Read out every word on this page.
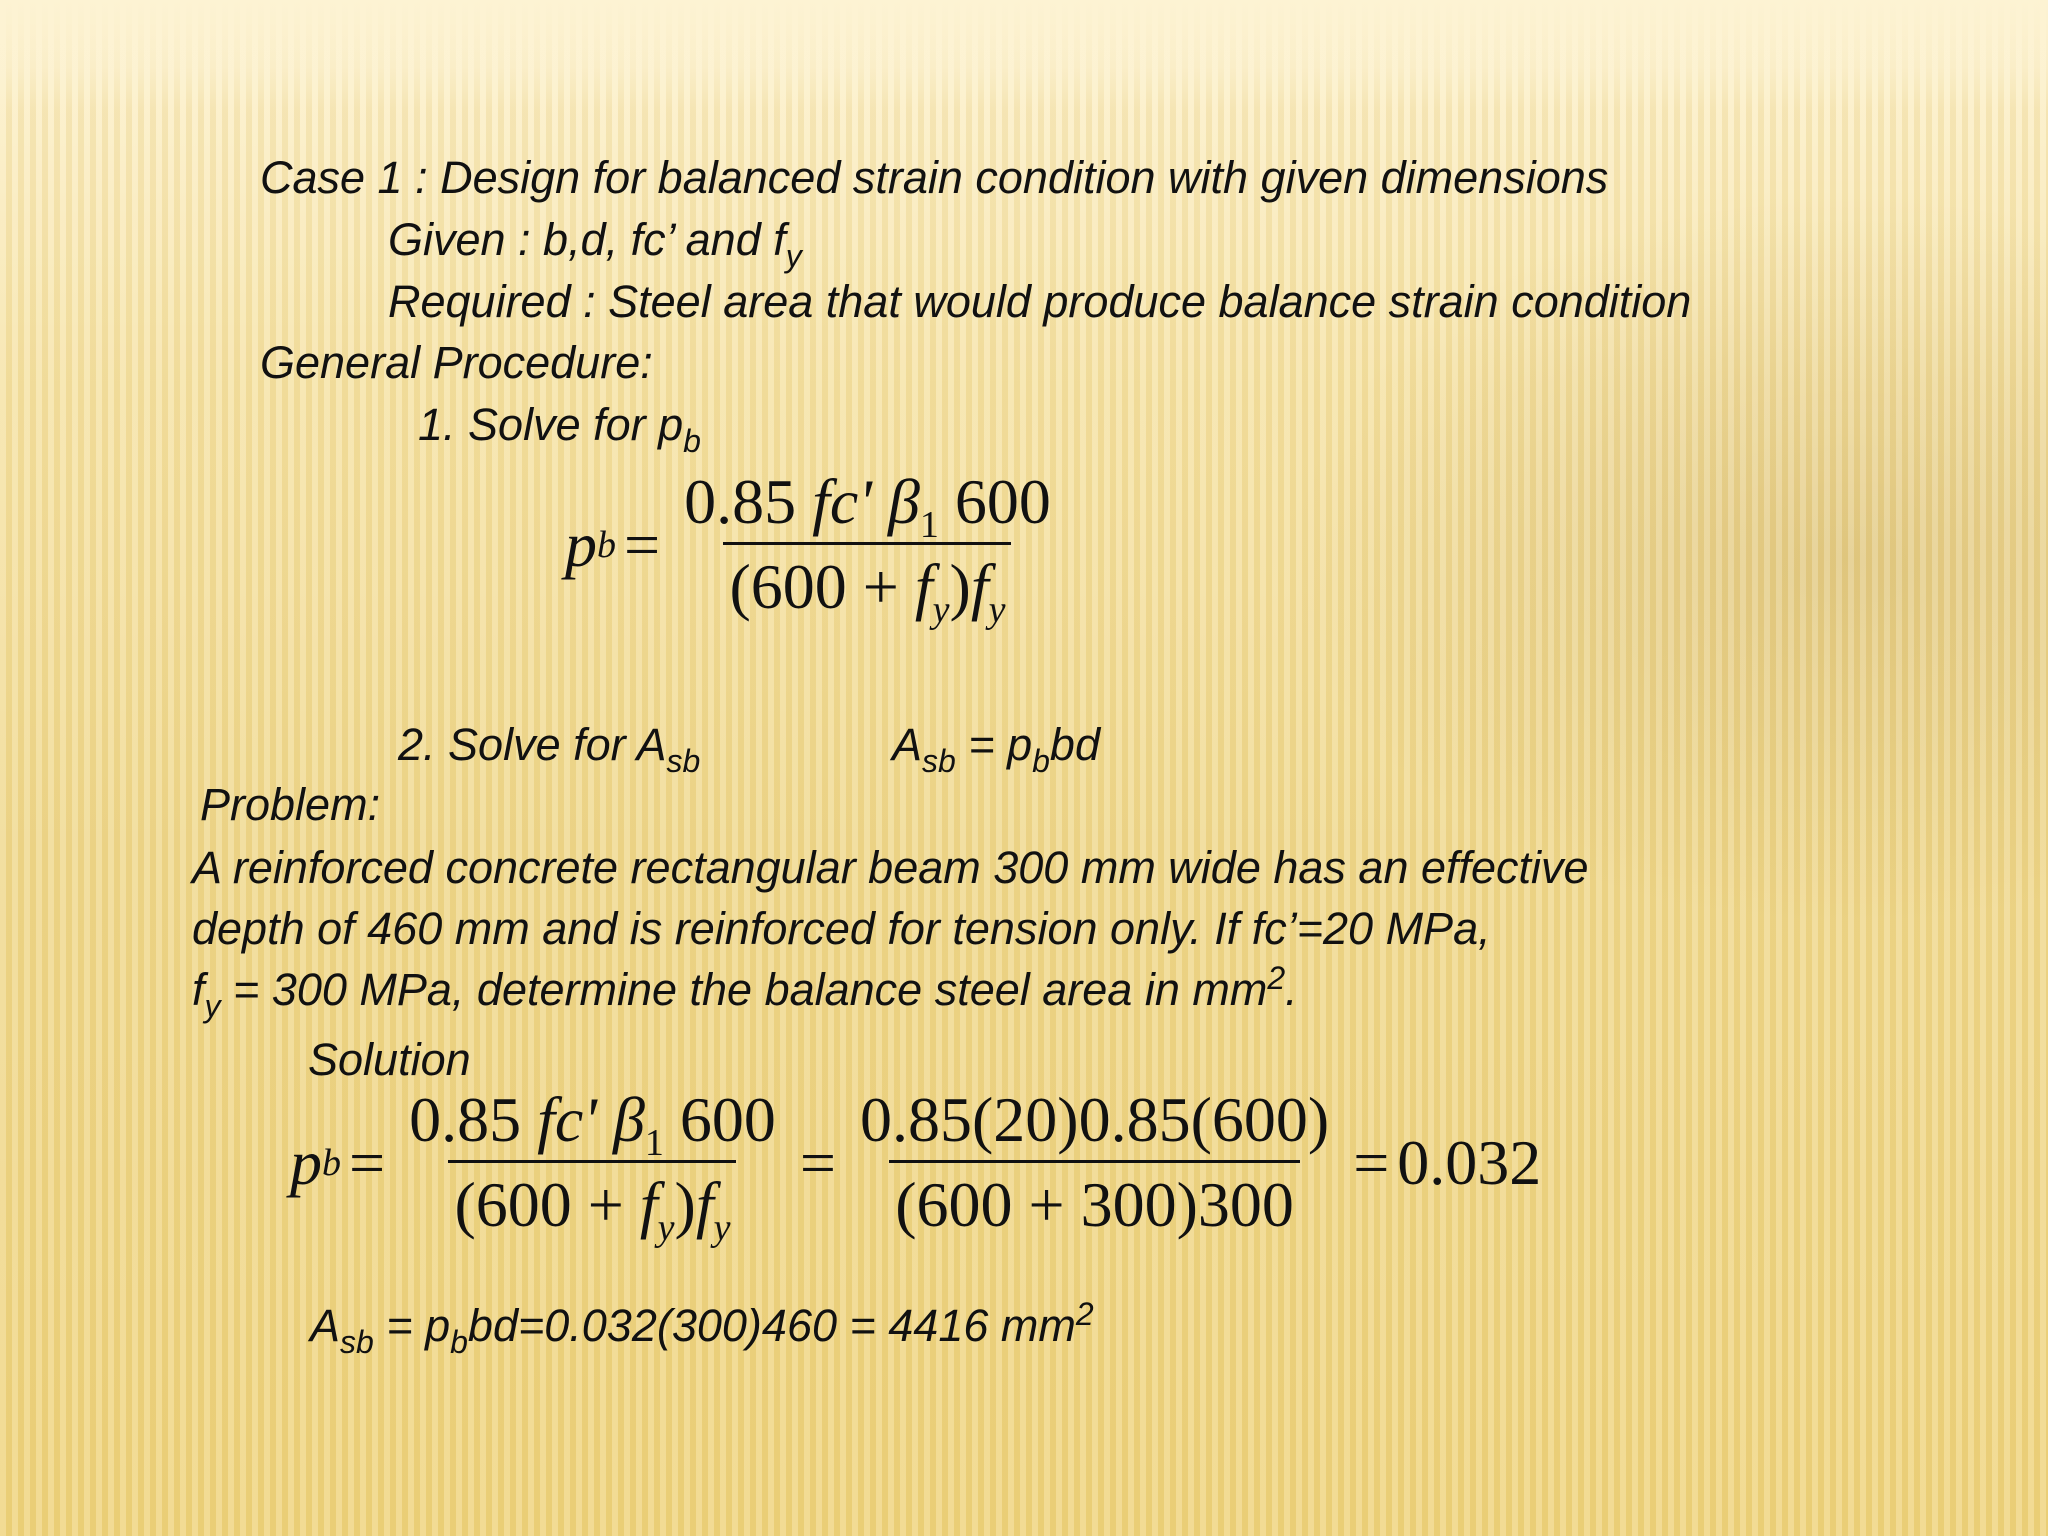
Case 1 : Design for balanced strain condition with given dimensions
Given : b,d, fc’ and $f_y$
Required : Steel area that would produce balance strain condition
General Procedure:
1. Solve for $p_b$
p $b = \frac{0.85 fc' \beta_1 600}{(600 + f_y)f_y}$
2. Solve for $A_{sb}$	$A_{sb} = p_bbd$
Problem:
A reinforced concrete rectangular beam 300 mm wide has an effective
depth of 460 mm and is reinforced for tension only. If fc’=20 MPa,
$f_y = 300$ MPa, determine the balance steel area in $mm^2$.
Solution
p $b = \frac{0.85 fc' \beta_1 600}{(600 + f_y)f_y} = \frac{0.85(20)0.85(600)}{(600 + 300)300} = 0.032$
$A_{sb} = p_bbd=0.032(300)460 = 4416$ $mm^2$
